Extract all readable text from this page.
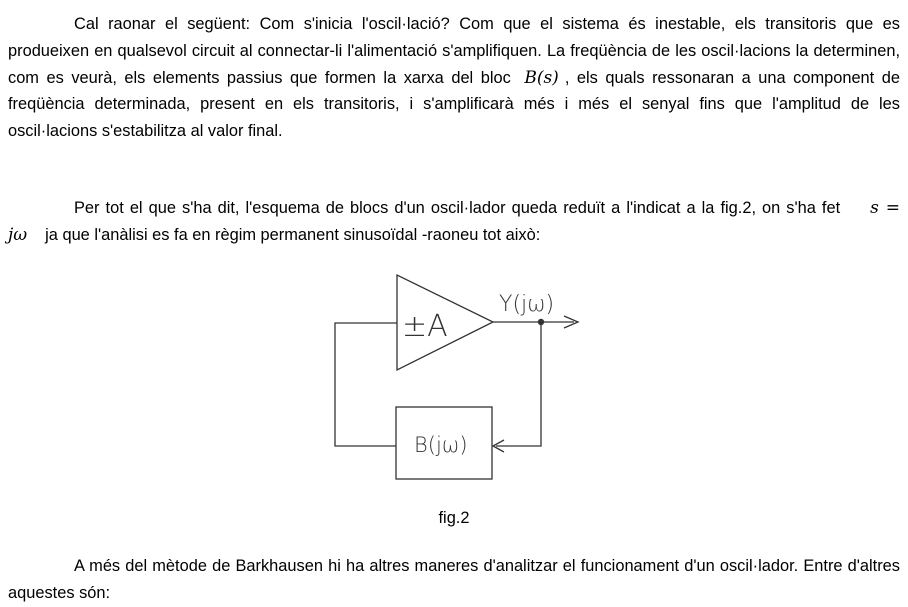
Cal raonar el següent: Com s'inicia l'oscil·lació? Com que el sistema és inestable, els transitoris que es produeixen en qualsevol circuit al connectar-li l'alimentació s'amplifiquen. La freqüència de les oscil·lacions la determinen, com es veurà, els elements passius que formen la xarxa del bloc B(s) , els quals ressonaran a una component de freqüència determinada, present en els transitoris, i s'amplificarà més i més el senyal fins que l'amplitud de les oscil·lacions s'estabilitza al valor final.

Per tot el que s'ha dit, l'esquema de blocs d'un oscil·lador queda reduït a l'indicat a la fig.2, on s'ha fet s = jω ja que l'anàlisi es fa en règim permanent sinusoïdal -raoneu tot això:

±A
Y(jω)
B(jω)
fig.2

A més del mètode de Barkhausen hi ha altres maneres d'analitzar el funcionament d'un oscil·lador. Entre d'altres aquestes són:
